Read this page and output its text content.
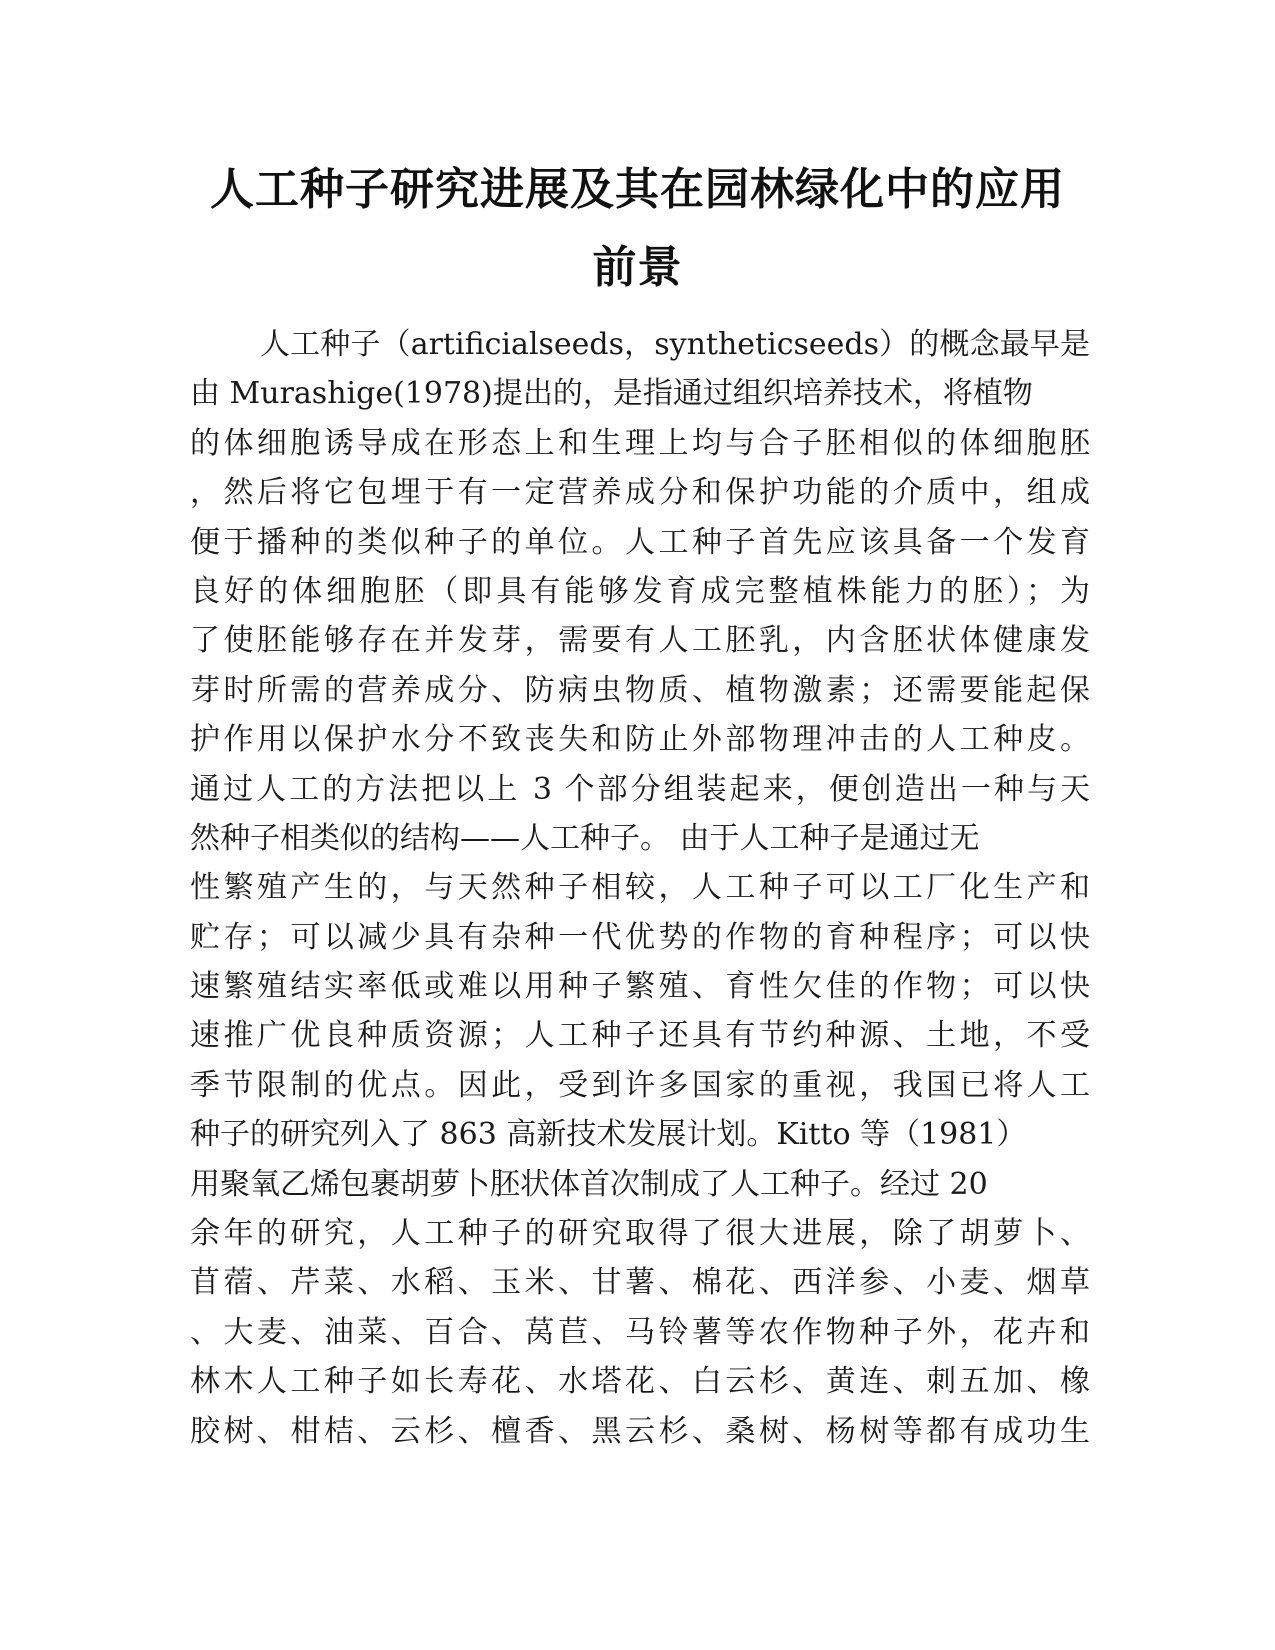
人工种子研究进展及其在园林绿化中的应用
前景
人工种子（artificialseeds，syntheticseeds）的概念最早是
由 Murashige(1978)提出的，是指通过组织培养技术，将植物
的体细胞诱导成在形态上和生理上均与合子胚相似的体细胞胚
，然后将它包埋于有一定营养成分和保护功能的介质中，组成
便于播种的类似种子的单位。人工种子首先应该具备一个发育
良好的体细胞胚（即具有能够发育成完整植株能力的胚）；为
了使胚能够存在并发芽，需要有人工胚乳，内含胚状体健康发
芽时所需的营养成分、防病虫物质、植物激素；还需要能起保
护作用以保护水分不致丧失和防止外部物理冲击的人工种皮。
通过人工的方法把以上 3 个部分组装起来，便创造出一种与天
然种子相类似的结构——人工种子。 由于人工种子是通过无
性繁殖产生的，与天然种子相较，人工种子可以工厂化生产和
贮存；可以减少具有杂种一代优势的作物的育种程序；可以快
速繁殖结实率低或难以用种子繁殖、育性欠佳的作物；可以快
速推广优良种质资源；人工种子还具有节约种源、土地，不受
季节限制的优点。因此，受到许多国家的重视，我国已将人工
种子的研究列入了 863 高新技术发展计划。Kitto 等（1981）
用聚氧乙烯包裹胡萝卜胚状体首次制成了人工种子。经过 20
余年的研究，人工种子的研究取得了很大进展，除了胡萝卜、
苜蓿、芹菜、水稻、玉米、甘薯、棉花、西洋参、小麦、烟草
、大麦、油菜、百合、莴苣、马铃薯等农作物种子外，花卉和
林木人工种子如长寿花、水塔花、白云杉、黄连、刺五加、橡
胶树、柑桔、云杉、檀香、黑云杉、桑树、杨树等都有成功生
